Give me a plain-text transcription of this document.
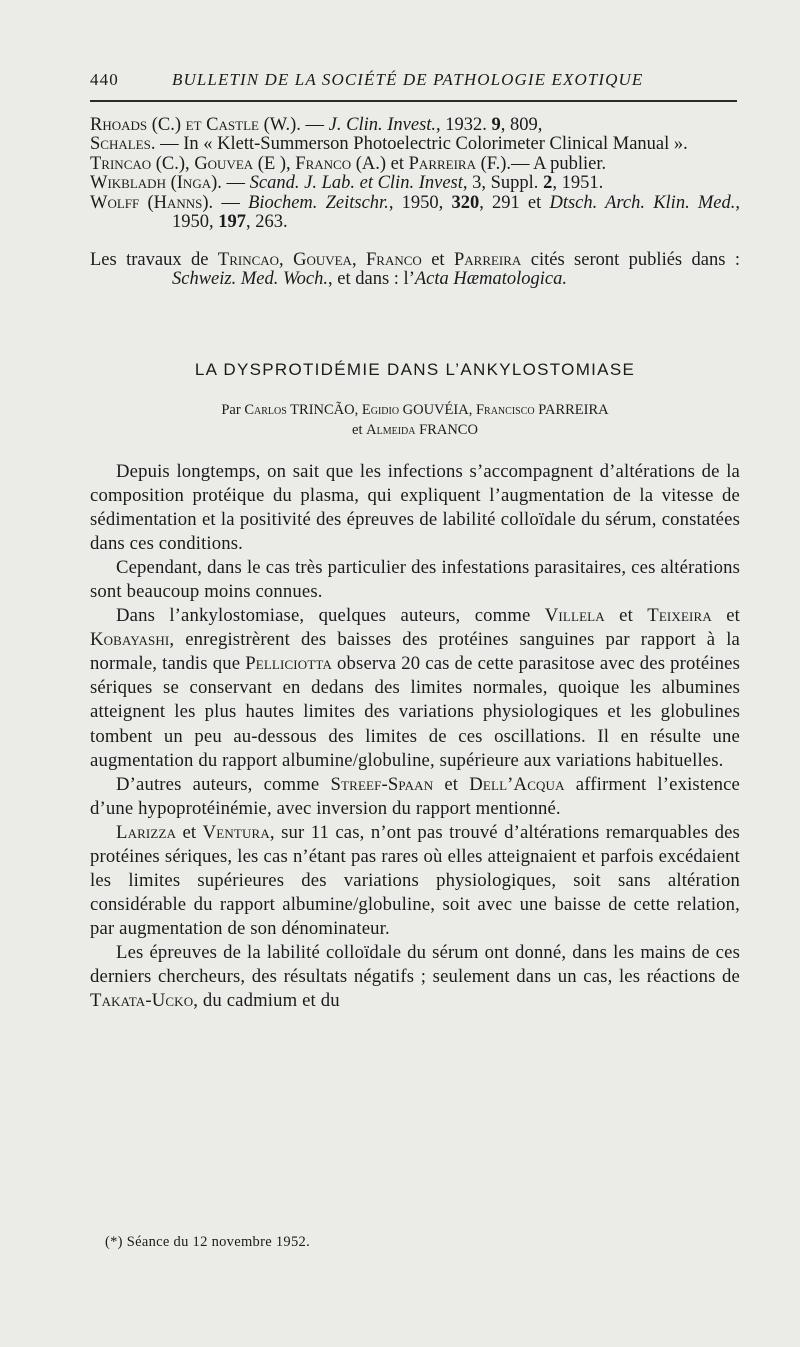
440	BULLETIN DE LA SOCIÉTÉ DE PATHOLOGIE EXOTIQUE

Rhoads (C.) et Castle (W.). — J. Clin. Invest., 1932. 9, 809,

Schales. — In « Klett-Summerson Photoelectric Colorimeter Clinical Manual ».

Trincao (C.), Gouvea (E ), Franco (A.) et Parreira (F.).— A publier.

Wikbladh (Inga). — Scand. J. Lab. et Clin. Invest, 3, Suppl. 2, 1951.

Wolff (Hanns). — Biochem. Zeitschr., 1950, 320, 291 et Dtsch. Arch. Klin. Med., 1950, 197, 263.

Les travaux de Trincao, Gouvea, Franco et Parreira cités seront publiés dans : Schweiz. Med. Woch., et dans : l’Acta Hæmatologica.

LA DYSPROTIDÉMIE DANS L’ANKYLOSTOMIASE
Par Carlos TRINCÃO, Egidio GOUVÉIA, Francisco PARREIRA
et Almeida FRANCO

Depuis longtemps, on sait que les infections s’accompagnent d’altérations de la composition protéique du plasma, qui expliquent l’augmentation de la vitesse de sédimentation et la positivité des épreuves de labilité colloïdale du sérum, constatées dans ces conditions.

Cependant, dans le cas très particulier des infestations parasitaires, ces altérations sont beaucoup moins connues.

Dans l’ankylostomiase, quelques auteurs, comme Villela et Teixeira et Kobayashi, enregistrèrent des baisses des protéines sanguines par rapport à la normale, tandis que Pelliciotta observa 20 cas de cette parasitose avec des protéines sériques se conservant en dedans des limites normales, quoique les albumines atteignent les plus hautes limites des variations physiologiques et les globulines tombent un peu au-dessous des limites de ces oscillations. Il en résulte une augmentation du rapport albumine/globuline, supérieure aux variations habituelles.

D’autres auteurs, comme Streef-Spaan et Dell’Acqua affirment l’existence d’une hypoprotéinémie, avec inversion du rapport mentionné.

Larizza et Ventura, sur 11 cas, n’ont pas trouvé d’altérations remarquables des protéines sériques, les cas n’étant pas rares où elles atteignaient et parfois excédaient les limites supérieures des variations physiologiques, soit sans altération considérable du rapport albumine/globuline, soit avec une baisse de cette relation, par augmentation de son dénominateur.

Les épreuves de la labilité colloïdale du sérum ont donné, dans les mains de ces derniers chercheurs, des résultats négatifs ; seulement dans un cas, les réactions de Takata-Ucko, du cadmium et du

(*) Séance du 12 novembre 1952.
